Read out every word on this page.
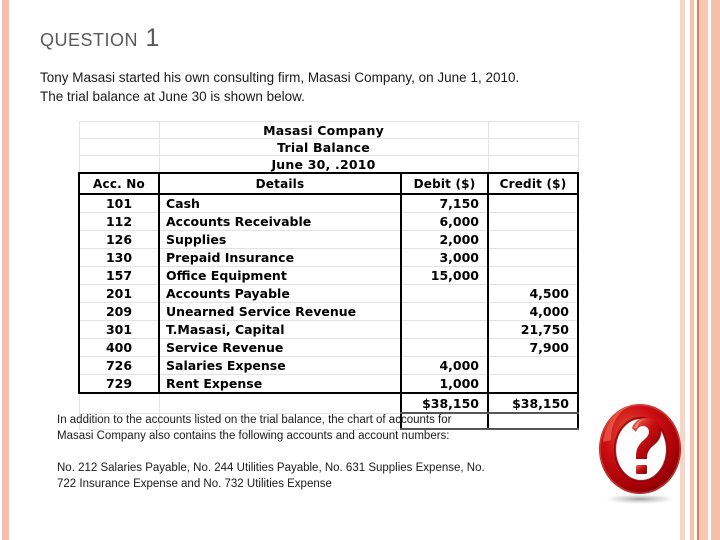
question 1
Tony Masasi started his own consulting firm, Masasi Company, on June 1, 2010.
The trial balance at June 30 is shown below.
	Masasi Company		
	Trial Balance		
	June 30, .2010		
Acc. No	Details	Debit ($)	Credit ($)
101	Cash	7,150	
112	Accounts Receivable	6,000	
126	Supplies	2,000	
130	Prepaid Insurance	3,000	
157	Office Equipment	15,000	
201	Accounts Payable		4,500
209	Unearned Service Revenue		4,000
301	T.Masasi, Capital		21,750
400	Service Revenue		7,900
726	Salaries Expense	4,000	
729	Rent Expense	1,000	
		$38,150	$38,150

In addition to the accounts listed on the trial balance, the chart of accounts for
Masasi Company also contains the following accounts and account numbers:
No. 212 Salaries Payable, No. 244 Utilities Payable, No. 631 Supplies Expense, No.
722 Insurance Expense and No. 732 Utilities Expense
